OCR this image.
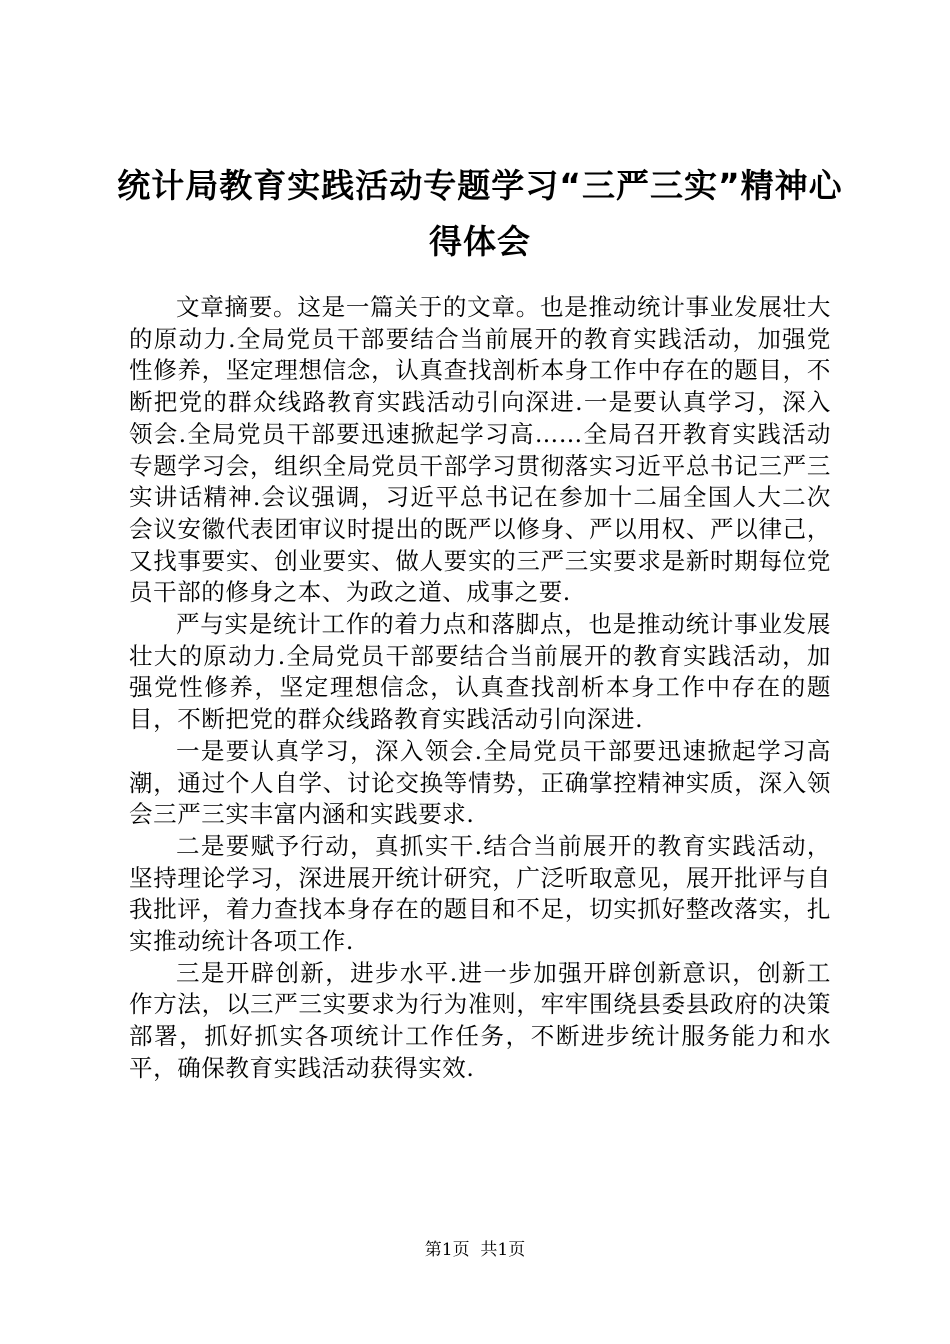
统计局教育实践活动专题学习“三严三实”精神心得体会

文章摘要。这是一篇关于的文章。也是推动统计事业发展壮大的原动力.全局党员干部要结合当前展开的教育实践活动，加强党性修养，坚定理想信念，认真查找剖析本身工作中存在的题目，不断把党的群众线路教育实践活动引向深进.一是要认真学习，深入领会.全局党员干部要迅速掀起学习高……全局召开教育实践活动专题学习会，组织全局党员干部学习贯彻落实习近平总书记三严三实讲话精神.会议强调，习近平总书记在参加十二届全国人大二次会议安徽代表团审议时提出的既严以修身、严以用权、严以律己，又找事要实、创业要实、做人要实的三严三实要求是新时期每位党员干部的修身之本、为政之道、成事之要.

严与实是统计工作的着力点和落脚点，也是推动统计事业发展壮大的原动力.全局党员干部要结合当前展开的教育实践活动，加强党性修养，坚定理想信念，认真查找剖析本身工作中存在的题目，不断把党的群众线路教育实践活动引向深进.

一是要认真学习，深入领会.全局党员干部要迅速掀起学习高潮，通过个人自学、讨论交换等情势，正确掌控精神实质，深入领会三严三实丰富内涵和实践要求.

二是要赋予行动，真抓实干.结合当前展开的教育实践活动，坚持理论学习，深进展开统计研究，广泛听取意见，展开批评与自我批评，着力查找本身存在的题目和不足，切实抓好整改落实，扎实推动统计各项工作.

三是开辟创新，进步水平.进一步加强开辟创新意识，创新工作方法，以三严三实要求为行为准则，牢牢围绕县委县政府的决策部署，抓好抓实各项统计工作任务，不断进步统计服务能力和水平，确保教育实践活动获得实效.

第1页  共1页
